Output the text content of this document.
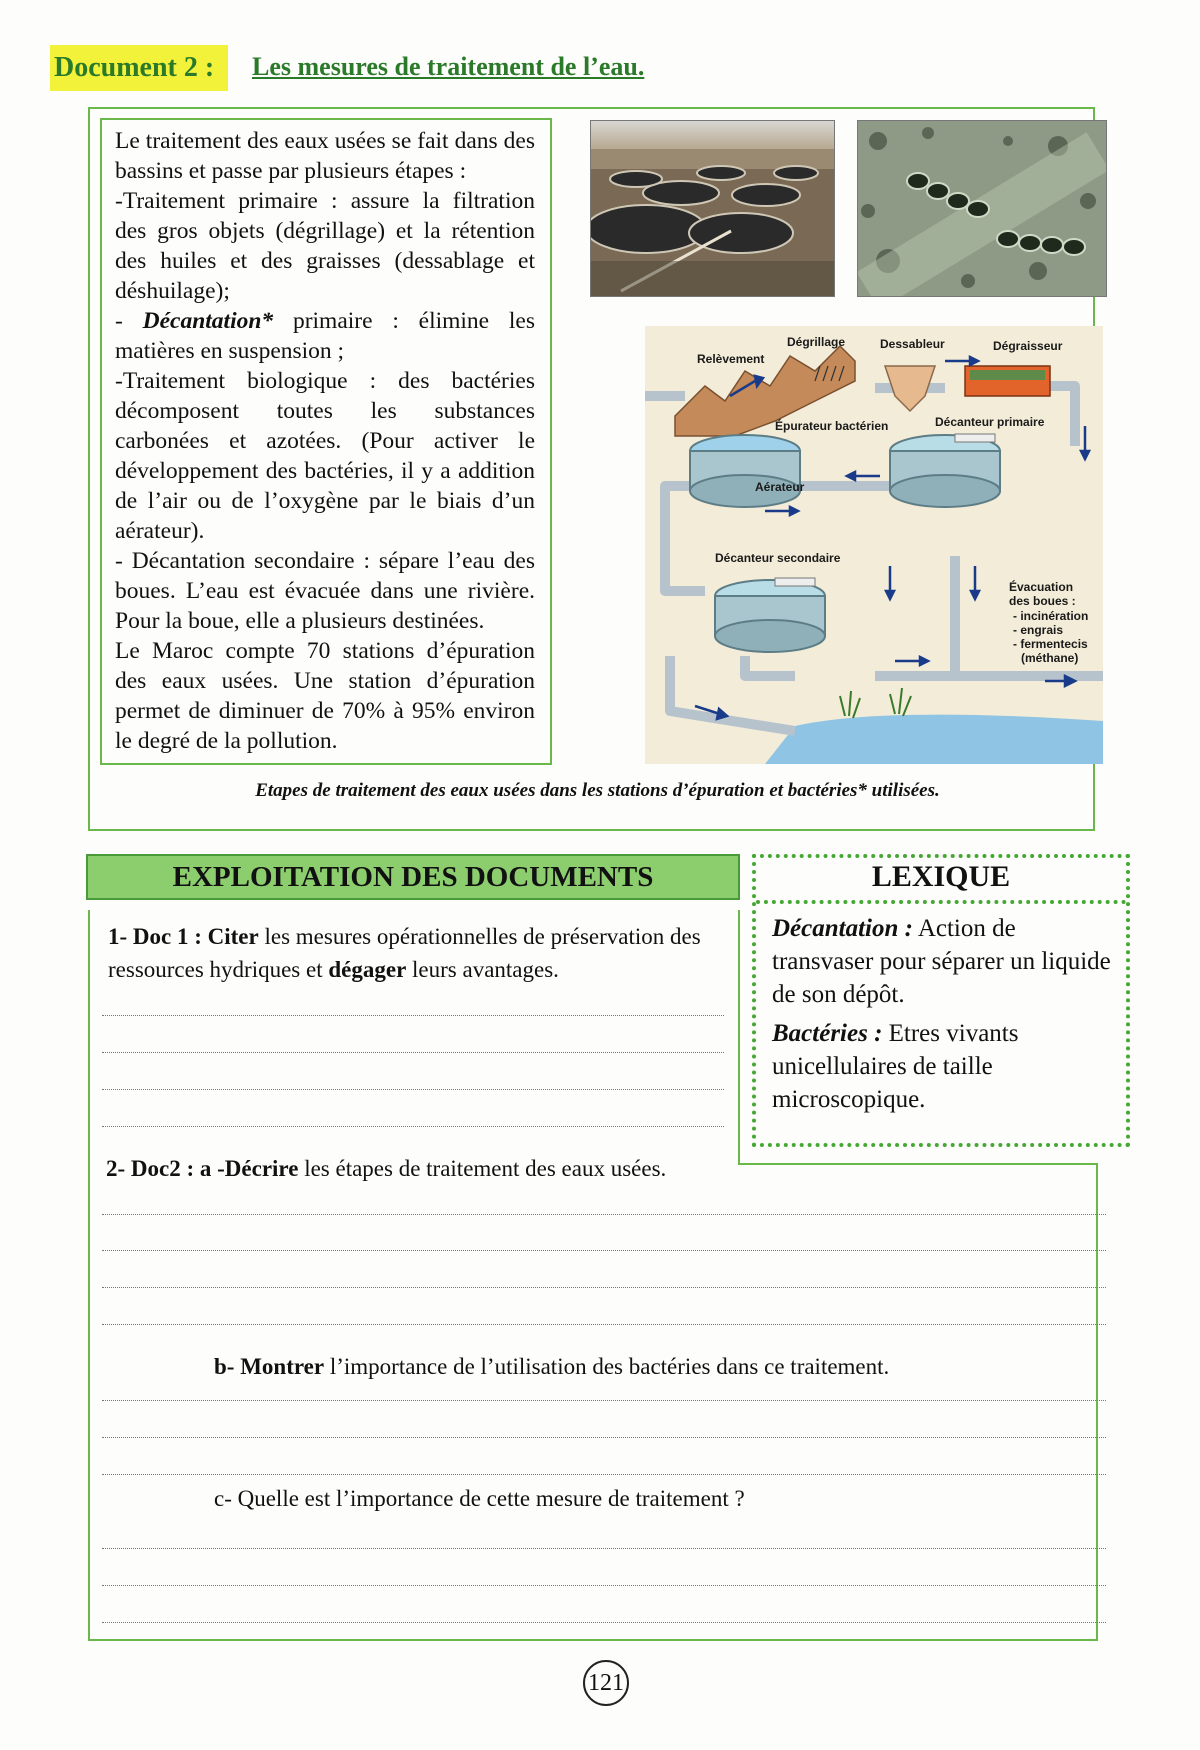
Document 2 : Les mesures de traitement de l’eau.

Le traitement des eaux usées se fait dans des bassins et passe par plusieurs étapes :

-Traitement primaire : assure la filtration des gros objets (dégrillage) et la rétention des huiles et des graisses (dessablage et déshuilage);

- Décantation* primaire : élimine les matières en suspension ;

-Traitement biologique : des bactéries décomposent toutes les substances carbonées et azotées. (Pour activer le développement des bactéries, il y a addition de l’air ou de l’oxygène par le biais d’un aérateur).

- Décantation secondaire : sépare l’eau des boues. L’eau est évacuée dans une rivière. Pour la boue, elle a plusieurs destinées.

Le Maroc compte 70 stations d’épuration des eaux usées. Une station d’épuration permet de diminuer de 70% à 95% environ le degré de la pollution.

Relèvement
Dégrillage	Dessableur	Dégraisseur
Épurateur bactérien	Décanteur primaire
Aérateur
Décanteur secondaire
Évacuation
des boues :
- incinération
- engrais
- fermentecis
(méthane)
Etapes de traitement des eaux usées dans les stations d’épuration et bactéries* utilisées.
EXPLOITATION DES DOCUMENTS
1- Doc 1 : Citer les mesures opérationnelles de préservation des ressources hydriques et dégager leurs avantages.
2- Doc2 : a -Décrire les étapes de traitement des eaux usées.
b- Montrer l’importance de l’utilisation des bactéries dans ce traitement.
c- Quelle est l’importance de cette mesure de traitement ?
LEXIQUE

Décantation : Action de transvaser pour séparer un liquide de son dépôt.

Bactéries : Etres vivants unicellulaires de taille microscopique.

121
